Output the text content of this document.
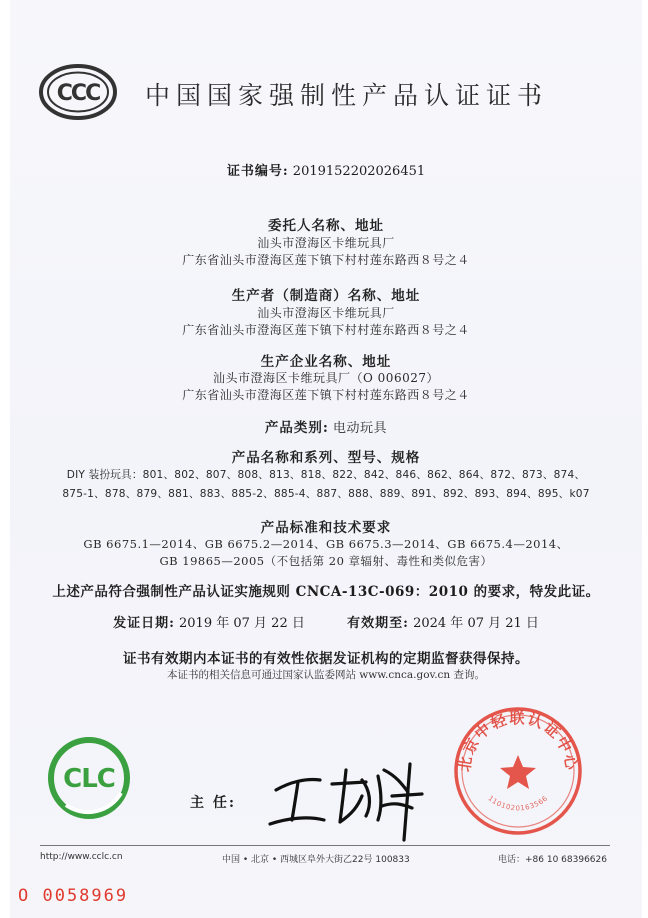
CCC 中国国家强制性产品认证证书
证书编号: 2019152202026451
委托人名称、地址
汕头市澄海区卡维玩具厂
广东省汕头市澄海区莲下镇下村村莲东路西８号之４
生产者（制造商）名称、地址
汕头市澄海区卡维玩具厂
广东省汕头市澄海区莲下镇下村村莲东路西８号之４
生产企业名称、地址
汕头市澄海区卡维玩具厂（O 006027）
广东省汕头市澄海区莲下镇下村村莲东路西８号之４
产品类别: 电动玩具
产品名称和系列、型号、规格
DIY 装扮玩具：801、802、807、808、813、818、822、842、846、862、864、872、873、874、
875-1、878、879、881、883、885-2、885-4、887、888、889、891、892、893、894、895、k07
产品标准和技术要求
GB 6675.1—2014、GB 6675.2—2014、GB 6675.3—2014、GB 6675.4—2014、
GB 19865—2005（不包括第 20 章辐射、毒性和类似危害）
上述产品符合强制性产品认证实施规则 CNCA-13C-069：2010 的要求，特发此证。
发证日期: 2019 年 07 月 22 日	有效期至: 2024 年 07 月 21 日
证书有效期内本证书的有效性依据发证机构的定期监督获得保持。
本证书的相关信息可通过国家认监委网站 www.cnca.gov.cn 查询。
CLC
主 任:
北京中轻联认证中心
1101020163566
http://www.cclc.cn	中国 • 北京 • 西城区阜外大街乙22号 100833	电话：+86 10 68396626
O 0058969
